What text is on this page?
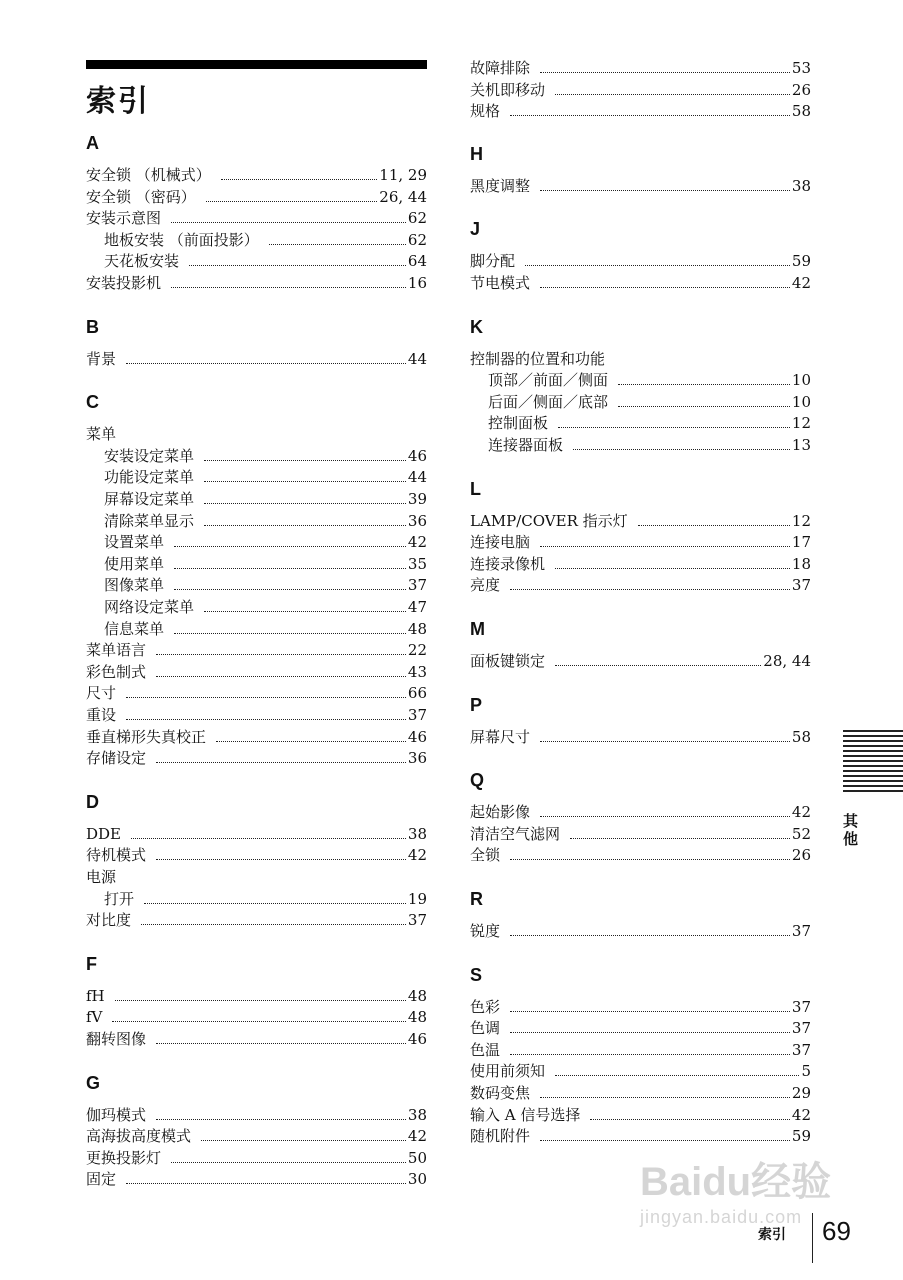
索引
A
安全锁 （机械式）	11, 29
安全锁 （密码）	26, 44
安装示意图	62
地板安装 （前面投影）	62
天花板安装	64
安装投影机	16
B
背景	44
C
菜单
安装设定菜单	46
功能设定菜单	44
屏幕设定菜单	39
清除菜单显示	36
设置菜单	42
使用菜单	35
图像菜单	37
网络设定菜单	47
信息菜单	48
菜单语言	22
彩色制式	43
尺寸	66
重设	37
垂直梯形失真校正	46
存储设定	36
D
DDE	38
待机模式	42
电源
打开	19
对比度	37
F
fH	48
fV	48
翻转图像	46
G
伽玛模式	38
高海拔高度模式	42
更换投影灯	50
固定	30
故障排除	53
关机即移动	26
规格	58
H
黑度调整	38
J
脚分配	59
节电模式	42
K
控制器的位置和功能
顶部／前面／侧面	10
后面／侧面／底部	10
控制面板	12
连接器面板	13
L
LAMP/COVER 指示灯	12
连接电脑	17
连接录像机	18
亮度	37
M
面板键锁定	28, 44
P
屏幕尺寸	58
Q
起始影像	42
清洁空气滤网	52
全锁	26
R
锐度	37
S
色彩	37
色调	37
色温	37
使用前须知	5
数码变焦	29
输入 A 信号选择	42
随机附件	59
其他
Baidu经验
jingyan.baidu.com
索引 69
